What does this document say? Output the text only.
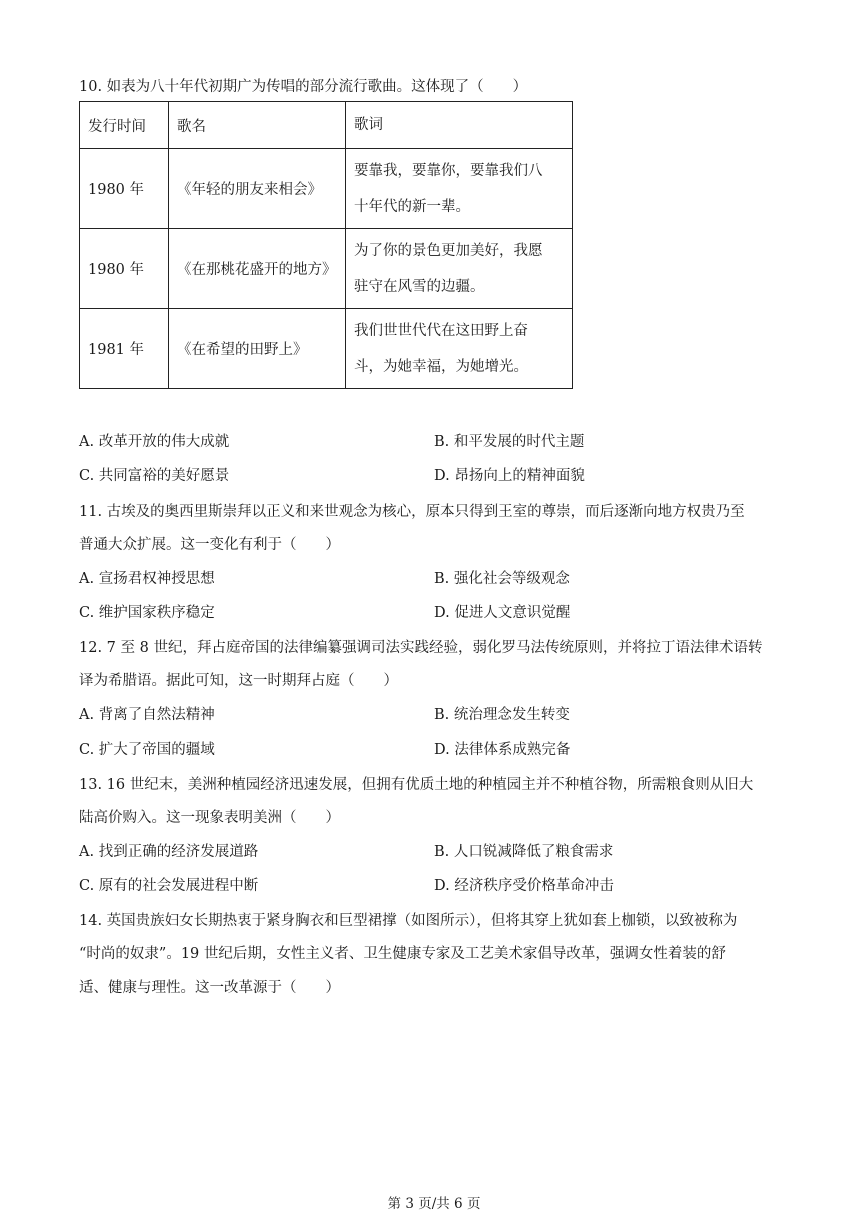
10. 如表为八十年代初期广为传唱的部分流行歌曲。这体现了（　　）
发行时间	歌名	歌词
1980 年	《年轻的朋友来相会》	要靠我，要靠你，要靠我们八
十年代的新一辈。

1980 年	《在那桃花盛开的地方》	为了你的景色更加美好，我愿
驻守在风雪的边疆。

1981 年	《在希望的田野上》	我们世世代代在这田野上奋
斗，为她幸福，为她增光。
A. 改革开放的伟大成就	B. 和平发展的时代主题
C. 共同富裕的美好愿景	D. 昂扬向上的精神面貌
11. 古埃及的奥西里斯崇拜以正义和来世观念为核心，原本只得到王室的尊崇，而后逐渐向地方权贵乃至
普通大众扩展。这一变化有利于（　　）
A. 宣扬君权神授思想	B. 强化社会等级观念
C. 维护国家秩序稳定	D. 促进人文意识觉醒
12. 7 至 8 世纪，拜占庭帝国的法律编纂强调司法实践经验，弱化罗马法传统原则，并将拉丁语法律术语转
译为希腊语。据此可知，这一时期拜占庭（　　）
A. 背离了自然法精神	B. 统治理念发生转变
C. 扩大了帝国的疆域	D. 法律体系成熟完备
13. 16 世纪末，美洲种植园经济迅速发展，但拥有优质土地的种植园主并不种植谷物，所需粮食则从旧大
陆高价购入。这一现象表明美洲（　　）
A. 找到正确的经济发展道路	B. 人口锐减降低了粮食需求
C. 原有的社会发展进程中断	D. 经济秩序受价格革命冲击
14. 英国贵族妇女长期热衷于紧身胸衣和巨型裙撑（如图所示），但将其穿上犹如套上枷锁，以致被称为
“时尚的奴隶”。19 世纪后期，女性主义者、卫生健康专家及工艺美术家倡导改革，强调女性着装的舒
适、健康与理性。这一改革源于（　　）
第 3 页/共 6 页
